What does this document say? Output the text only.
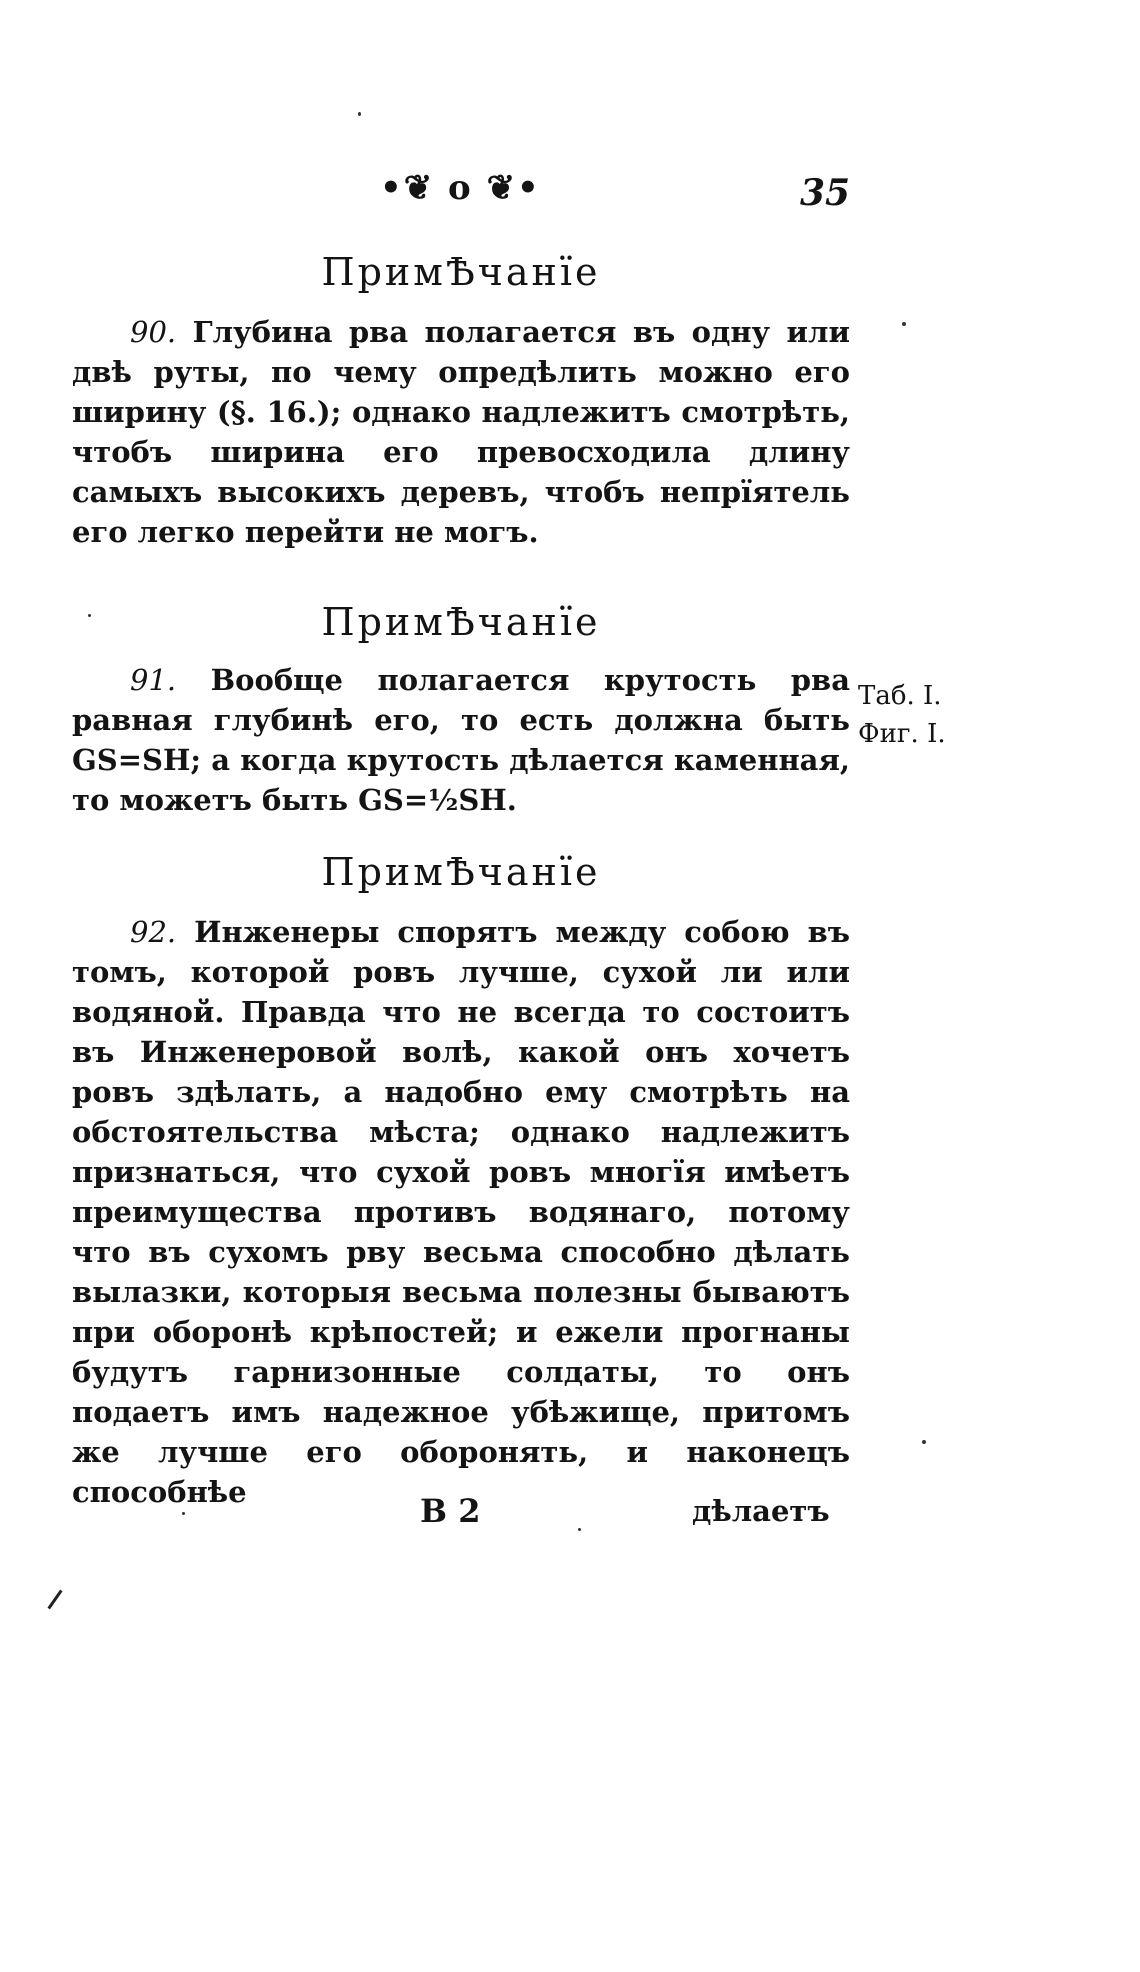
•❦ o ❦•	35
ПримѢчанїе
90. Глубина рва полагается въ одну или двѣ руты, по чему опредѣлить можно его ширину (§. 16.); однако надлежитъ смотрѣть, чтобъ ширина его превосходила длину самыхъ высокихъ деревъ, чтобъ непрїятель его легко перейти не могъ.
ПримѢчанїе
91. Вообще полагается крутость рва равная глубинѣ его, то есть должна быть GS=SH; а когда крутость дѣлается каменная, то можетъ быть GS=½SH.
Таб. I.
Фиг. I.
ПримѢчанїе
92. Инженеры спорятъ между собою въ томъ, которой ровъ лучше, сухой ли или водяной. Правда что не всегда то состоитъ въ Инженеровой волѣ, какой онъ хочетъ ровъ здѣлать, а надобно ему смотрѣть на обстоятельства мѣста; однако надлежитъ признаться, что сухой ровъ многїя имѣетъ преимущества противъ водянаго, потому что въ сухомъ рву весьма способно дѣлать вылазки, которыя весьма полезны бываютъ при оборонѣ крѣпостей; и ежели прогнаны будутъ гарнизонные солдаты, то онъ подаетъ имъ надежное убѣжище, притомъ же лучше его оборонять, и наконецъ способнѣе	B 2	дѣлаетъ
